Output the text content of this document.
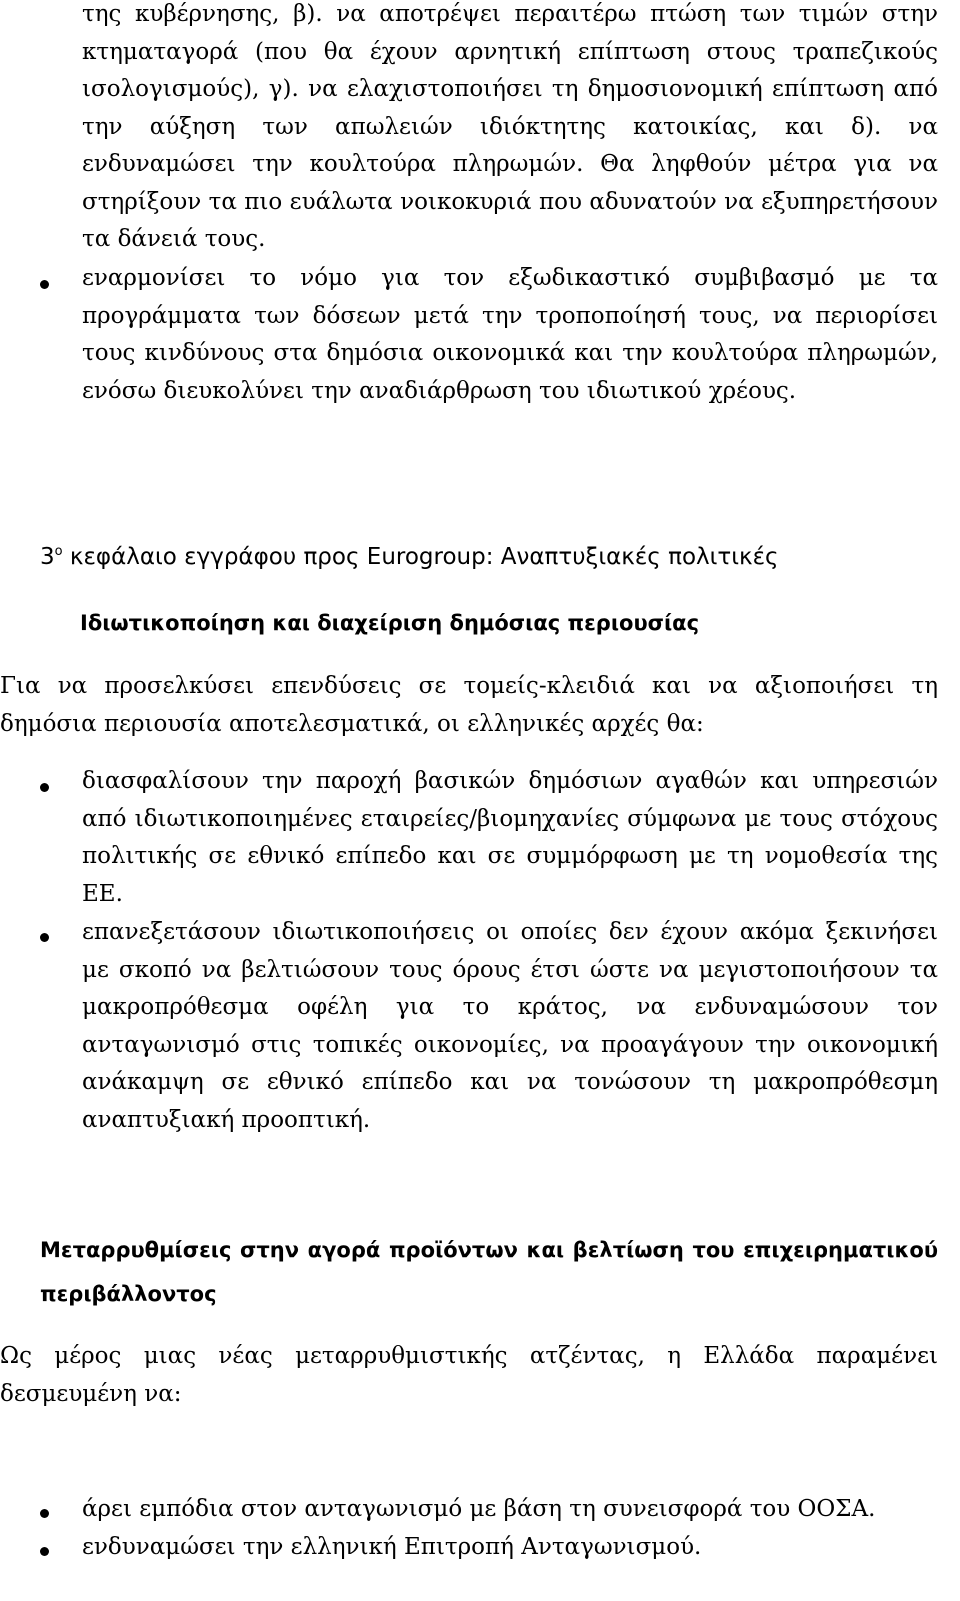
της κυβέρνησης, β). να αποτρέψει περαιτέρω πτώση των τιμών στην κτηματαγορά (που θα έχουν αρνητική επίπτωση στους τραπεζικούς ισολογισμούς), γ). να ελαχιστοποιήσει τη δημοσιονομική επίπτωση από την αύξηση των απωλειών ιδιόκτητης κατοικίας, και δ). να ενδυναμώσει την κουλτούρα πληρωμών. Θα ληφθούν μέτρα για να στηρίξουν τα πιο ευάλωτα νοικοκυριά που αδυνατούν να εξυπηρετήσουν τα δάνειά τους.

εναρμονίσει το νόμο για τον εξωδικαστικό συμβιβασμό με τα προγράμματα των δόσεων μετά την τροποποίησή τους, να περιορίσει τους κινδύνους στα δημόσια οικονομικά και την κουλτούρα πληρωμών, ενόσω διευκολύνει την αναδιάρθρωση του ιδιωτικού χρέους.

$3^o$ κεφάλαιο εγγράφου προς Eurogroup: Αναπτυξιακές πολιτικές
Ιδιωτικοποίηση και διαχείριση δημόσιας περιουσίας

Για να προσελκύσει επενδύσεις σε τομείς-κλειδιά και να αξιοποιήσει τη δημόσια περιουσία αποτελεσματικά, οι ελληνικές αρχές θα:

διασφαλίσουν την παροχή βασικών δημόσιων αγαθών και υπηρεσιών από ιδιωτικοποιημένες εταιρείες/βιομηχανίες σύμφωνα με τους στόχους πολιτικής σε εθνικό επίπεδο και σε συμμόρφωση με τη νομοθεσία της ΕΕ.

επανεξετάσουν ιδιωτικοποιήσεις οι οποίες δεν έχουν ακόμα ξεκινήσει με σκοπό να βελτιώσουν τους όρους έτσι ώστε να μεγιστοποιήσουν τα μακροπρόθεσμα οφέλη για το κράτος, να ενδυναμώσουν τον ανταγωνισμό στις τοπικές οικονομίες, να προαγάγουν την οικονομική ανάκαμψη σε εθνικό επίπεδο και να τονώσουν τη μακροπρόθεσμη αναπτυξιακή προοπτική.

Μεταρρυθμίσεις στην αγορά προϊόντων και βελτίωση του επιχειρηματικού περιβάλλοντος

Ως μέρος μιας νέας μεταρρυθμιστικής ατζέντας, η Ελλάδα παραμένει δεσμευμένη να:

άρει εμπόδια στον ανταγωνισμό με βάση τη συνεισφορά του ΟΟΣΑ.

ενδυναμώσει την ελληνική Επιτροπή Ανταγωνισμού.
